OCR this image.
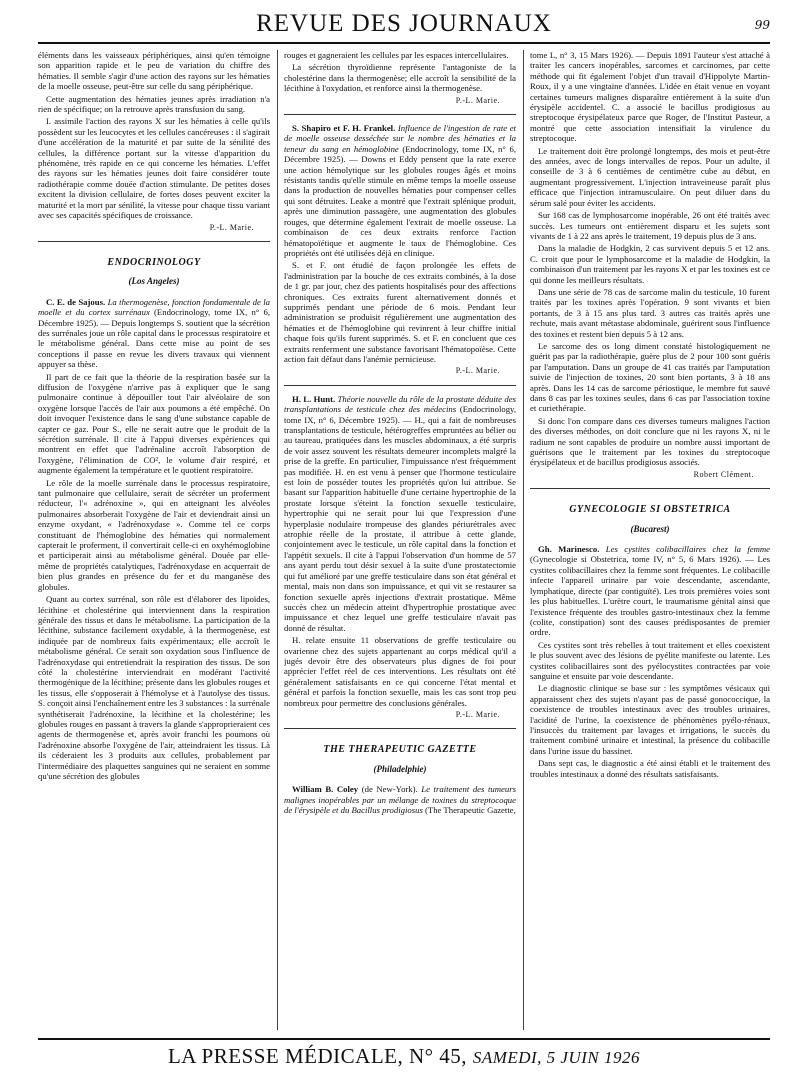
REVUE DES JOURNAUX	99

éléments dans les vaisseaux périphériques, ainsi qu'en témoigne son apparition rapide et le peu de variation du chiffre des hématies. Il semble s'agir d'une action des rayons sur les hématies de la moelle osseuse, peut-être sur celle du sang périphérique.

Cette augmentation des hématies jeunes après irradiation n'a rien de spécifique; on la retrouve après transfusion du sang.

I. assimile l'action des rayons X sur les hématies à celle qu'ils possèdent sur les leucocytes et les cellules cancéreuses : il s'agirait d'une accélération de la maturité et par suite de la sénilité des cellules, la différence portant sur la vitesse d'apparition du phénomène, très rapide en ce qui concerne les hématies. L'effet des rayons sur les hématies jeunes doit faire considérer toute radiothérapie comme douée d'action stimulante. De petites doses excitent la division cellulaire, de fortes doses peuvent exciter la maturité et la mort par sénilité, la vitesse pour chaque tissu variant avec ses capacités spécifiques de croissance.

P.-L. Marie.
ENDOCRINOLOGY
(Los Angeles)

C. E. de Sajous. La thermogenèse, fonction fondamentale de la moelle et du cortex surrénaux (Endocrinology, tome IX, n° 6, Décembre 1925). — Depuis longtemps S. soutient que la sécrétion des surrénales joue un rôle capital dans le processus respiratoire et le métabolisme général. Dans cette mise au point de ses conceptions il passe en revue les divers travaux qui viennent appuyer sa thèse.

Il part de ce fait que la théorie de la respiration basée sur la diffusion de l'oxygène n'arrive pas à expliquer que le sang pulmonaire continue à dépouiller tout l'air alvéolaire de son oxygène lorsque l'accès de l'air aux poumons a été empêché. On doit invoquer l'existence dans le sang d'une substance capable de capter ce gaz. Pour S., elle ne serait autre que le produit de la sécrétion surrénale. Il cite à l'appui diverses expériences qui montrent en effet que l'adrénaline accroît l'absorption de l'oxygène, l'élimination de CO², le volume d'air respiré, et augmente également la température et le quotient respiratoire.

Le rôle de la moelle surrénale dans le processus respiratoire, tant pulmonaire que cellulaire, serait de sécréter un proferment réducteur, l'« adrénoxine », qui en atteignant les alvéoles pulmonaires absorberait l'oxygène de l'air et deviendrait ainsi un enzyme oxydant, « l'adrénoxydase ». Comme tel ce corps constituant de l'hémoglobine des hématies qui normalement capterait le proferment, il convertirait celle-ci en oxyhémoglobine et participerait ainsi au métabolisme général. Douée par elle-même de propriétés catalytiques, l'adrénoxydase en acquerrait de bien plus grandes en présence du fer et du manganèse des globules.

Quant au cortex surrénal, son rôle est d'élaborer des lipoïdes, lécithine et cholestérine qui interviennent dans la respiration générale des tissus et dans le métabolisme. La participation de la lécithine, substance facilement oxydable, à la thermogenèse, est indiquée par de nombreux faits expérimentaux; elle accroît le métabolisme général. Ce serait son oxydation sous l'influence de l'adrénoxydase qui entretiendrait la respiration des tissus. De son côté la cholestérine interviendrait en modérant l'activité thermogénique de la lécithine; présente dans les globules rouges et les tissus, elle s'opposerait à l'hémolyse et à l'autolyse des tissus. S. conçoit ainsi l'enchaînement entre les 3 substances : la surrénale synthétiserait l'adrénoxine, la lécithine et la cholestérine; les globules rouges en passant à travers la glande s'approprieraient ces agents de thermogenèse et, après avoir franchi les poumons où l'adrénoxine absorbe l'oxygène de l'air, atteindraient les tissus. Là ils céderaient les 3 produits aux cellules, probablement par l'intermédiaire des plaquettes sanguines qui ne seraient en somme qu'une sécrétion des globules

rouges et gagneraient les cellules par les espaces intercellulaires.

La sécrétion thyroïdienne représente l'antagoniste de la cholestérine dans la thermogenèse; elle accroît la sensibilité de la lécithine à l'oxydation, et renforce ainsi la thermogenèse.

P.-L. Marie.

S. Shapiro et F. H. Frankel. Influence de l'ingestion de rate et de moelle osseuse desséchée sur le nombre des hématies et la teneur du sang en hémoglobine (Endocrinology, tome IX, n° 6, Décembre 1925). — Downs et Eddy pensent que la rate exerce une action hémolytique sur les globules rouges âgés et moins résistants tandis qu'elle stimule en même temps la moelle osseuse dans la production de nouvelles hématies pour compenser celles qui sont détruites. Leake a montré que l'extrait splénique produit, après une diminution passagère, une augmentation des globules rouges, que détermine également l'extrait de moelle osseuse. La combinaison de ces deux extraits renforce l'action hématopoïétique et augmente le taux de l'hémoglobine. Ces propriétés ont été utilisées déjà en clinique.

S. et F. ont étudié de façon prolongée les effets de l'administration par la bouche de ces extraits combinés, à la dose de 1 gr. par jour, chez des patients hospitalisés pour des affections chroniques. Ces extraits furent alternativement donnés et supprimés pendant une période de 6 mois. Pendant leur administration se produisit régulièrement une augmentation des hématies et de l'hémoglobine qui revinrent à leur chiffre initial chaque fois qu'ils furent supprimés. S. et F. en concluent que ces extraits renferment une substance favorisant l'hématopoïèse. Cette action fait défaut dans l'anémie pernicieuse.

P.-L. Marie.

H. L. Hunt. Théorie nouvelle du rôle de la prostate déduite des transplantations de testicule chez des médecins (Endocrinology, tome IX, n° 6, Décembre 1925). — H., qui a fait de nombreuses transplantations de testicule, hétérogreffes empruntées au bélier ou au taureau, pratiquées dans les muscles abdominaux, a été surpris de voir assez souvent les résultats demeurer incomplets malgré la prise de la greffe. En particulier, l'impuissance n'est fréquemment pas modifiée. H. en est venu à penser que l'hormone testiculaire est loin de posséder toutes les propriétés qu'on lui attribue. Se basant sur l'apparition habituelle d'une certaine hypertrophie de la prostate lorsque s'éteint la fonction sexuelle testiculaire, hypertrophie qui ne serait pour lui que l'expression d'une hyperplasie nodulaire trompeuse des glandes périurétrales avec atrophie réelle de la prostate, il attribue à cette glande, conjointement avec le testicule, un rôle capital dans la fonction et l'appétit sexuels. Il cite à l'appui l'observation d'un homme de 57 ans ayant perdu tout désir sexuel à la suite d'une prostatectomie qui fut amélioré par une greffe testiculaire dans son état général et mental, mais non dans son impuissance, et qui vit se restaurer sa fonction sexuelle après injections d'extrait prostatique. Même succès chez un médecin atteint d'hypertrophie prostatique avec impuissance et chez lequel une greffe testiculaire n'avait pas donné de résultat.

H. relate ensuite 11 observations de greffe testiculaire ou ovarienne chez des sujets appartenant au corps médical qu'il a jugés devoir être des observateurs plus dignes de foi pour apprécier l'effet réel de ces interventions. Les résultats ont été généralement satisfaisants en ce qui concerne l'état mental et général et parfois la fonction sexuelle, mais les cas sont trop peu nombreux pour permettre des conclusions générales.

P.-L. Marie.
THE THERAPEUTIC GAZETTE
(Philadelphie)

William B. Coley (de New-York). Le traitement des tumeurs malignes inopérables par un mélange de toxines du streptocoque de l'érysipèle et du Bacillus prodigiosus (The Therapeutic Gazette,

tome L, n° 3, 15 Mars 1926). — Depuis 1891 l'auteur s'est attaché à traiter les cancers inopérables, sarcomes et carcinomes, par cette méthode qui fit également l'objet d'un travail d'Hippolyte Martin-Roux, il y a une vingtaine d'années. L'idée en était venue en voyant certaines tumeurs malignes disparaître entièrement à la suite d'un érysipèle accidentel. C. a associé le bacillus prodigiosus au streptocoque érysipélateux parce que Roger, de l'Institut Pasteur, a montré que cette association intensifiait la virulence du streptocoque.

Le traitement doit être prolongé longtemps, des mois et peut-être des années, avec de longs intervalles de repos. Pour un adulte, il conseille de 3 à 6 centièmes de centimètre cube au début, en augmentant progressivement. L'injection intraveineuse paraît plus efficace que l'injection intramusculaire. On peut diluer dans du sérum salé pour éviter les accidents.

Sur 168 cas de lymphosarcome inopérable, 26 ont été traités avec succès. Les tumeurs ont entièrement disparu et les sujets sont vivants de 1 à 22 ans après le traitement, 19 depuis plus de 3 ans.

Dans la maladie de Hodgkin, 2 cas survivent depuis 5 et 12 ans. C. croit que pour le lymphosarcome et la maladie de Hodgkin, la combinaison d'un traitement par les rayons X et par les toxines est ce qui donne les meilleurs résultats.

Dans une série de 78 cas de sarcome malin du testicule, 10 furent traités par les toxines après l'opération. 9 sont vivants et bien portants, de 3 à 15 ans plus tard. 3 autres cas traités après une rechute, mais avant métastase abdominale, guérirent sous l'influence des toxines et restent bien depuis 5 à 12 ans.

Le sarcome des os long diment constaté histologiquement ne guérit pas par la radiothérapie, guère plus de 2 pour 100 sont guéris par l'amputation. Dans un groupe de 41 cas traités par l'amputation suivie de l'injection de toxines, 20 sont bien portants, 3 à 18 ans après. Dans les 14 cas de sarcome périostique, le membre fut sauvé dans 8 cas par les toxines seules, dans 6 cas par l'association toxine et curiethérapie.

Si donc l'on compare dans ces diverses tumeurs malignes l'action des diverses méthodes, on doit conclure que ni les rayons X, ni le radium ne sont capables de produire un nombre aussi important de guérisons que le traitement par les toxines du streptocoque érysipélateux et de bacillus prodigiosus associés.

Robert Clément.
GYNECOLOGIE SI OBSTETRICA
(Bucarest)

Gh. Marinesco. Les cystites colibacillaires chez la femme (Gynecologie si Obstetrica, tome IV, n° 5, 6 Mars 1926). — Les cystites colibacillaires chez la femme sont fréquentes. Le colibacille infecte l'appareil urinaire par voie descendante, ascendante, lymphatique, directe (par contiguïté). Les trois premières voies sont les plus habituelles. L'urètre court, le traumatisme génital ainsi que l'existence fréquente des troubles gastro-intestinaux chez la femme (colite, constipation) sont des causes prédisposantes de premier ordre.

Ces cystites sont très rebelles à tout traitement et elles coexistent le plus souvent avec des lésions de pyélite manifeste ou latente. Les cystites colibacillaires sont des pyélocystites contractées par voie sanguine et ensuite par voie descendante.

Le diagnostic clinique se base sur : les symptômes vésicaux qui apparaissent chez des sujets n'ayant pas de passé gonococcique, la coexistence de troubles intestinaux avec des troubles urinaires, l'acidité de l'urine, la coexistence de phénomènes pyélo-rénaux, l'insuccès du traitement par lavages et irrigations, le succès du traitement combiné urinaire et intestinal, la présence du colibacille dans l'urine issue du bassinet.

Dans sept cas, le diagnostic a été ainsi établi et le traitement des troubles intestinaux a donné des résultats satisfaisants.

LA PRESSE MÉDICALE, N° 45, SAMEDI, 5 JUIN 1926
